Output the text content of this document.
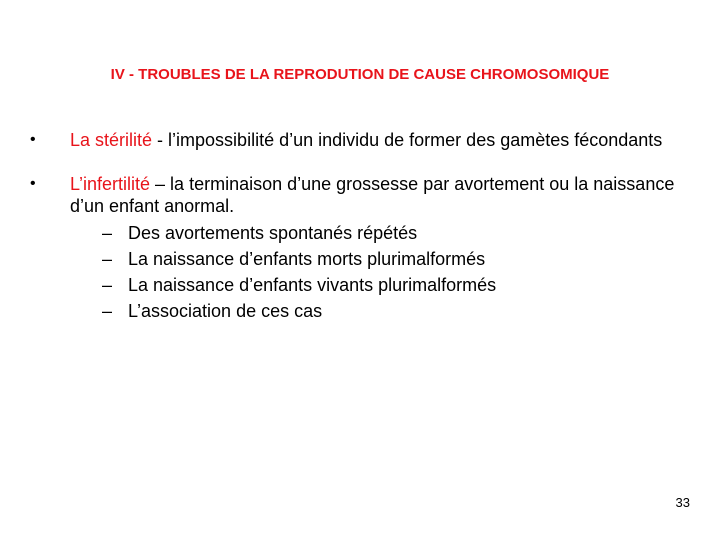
IV - TROUBLES DE LA REPRODUTION DE CAUSE CHROMOSOMIQUE
•	La stérilité - l’impossibilité d’un individu de former des gamètes fécondants
•	L’infertilité – la terminaison d’une grossesse par avortement ou la naissance d’un enfant anormal.
– Des avortements spontanés répétés
– La naissance d’enfants morts plurimalformés
– La naissance d’enfants vivants plurimalformés
– L’association de ces cas
33
